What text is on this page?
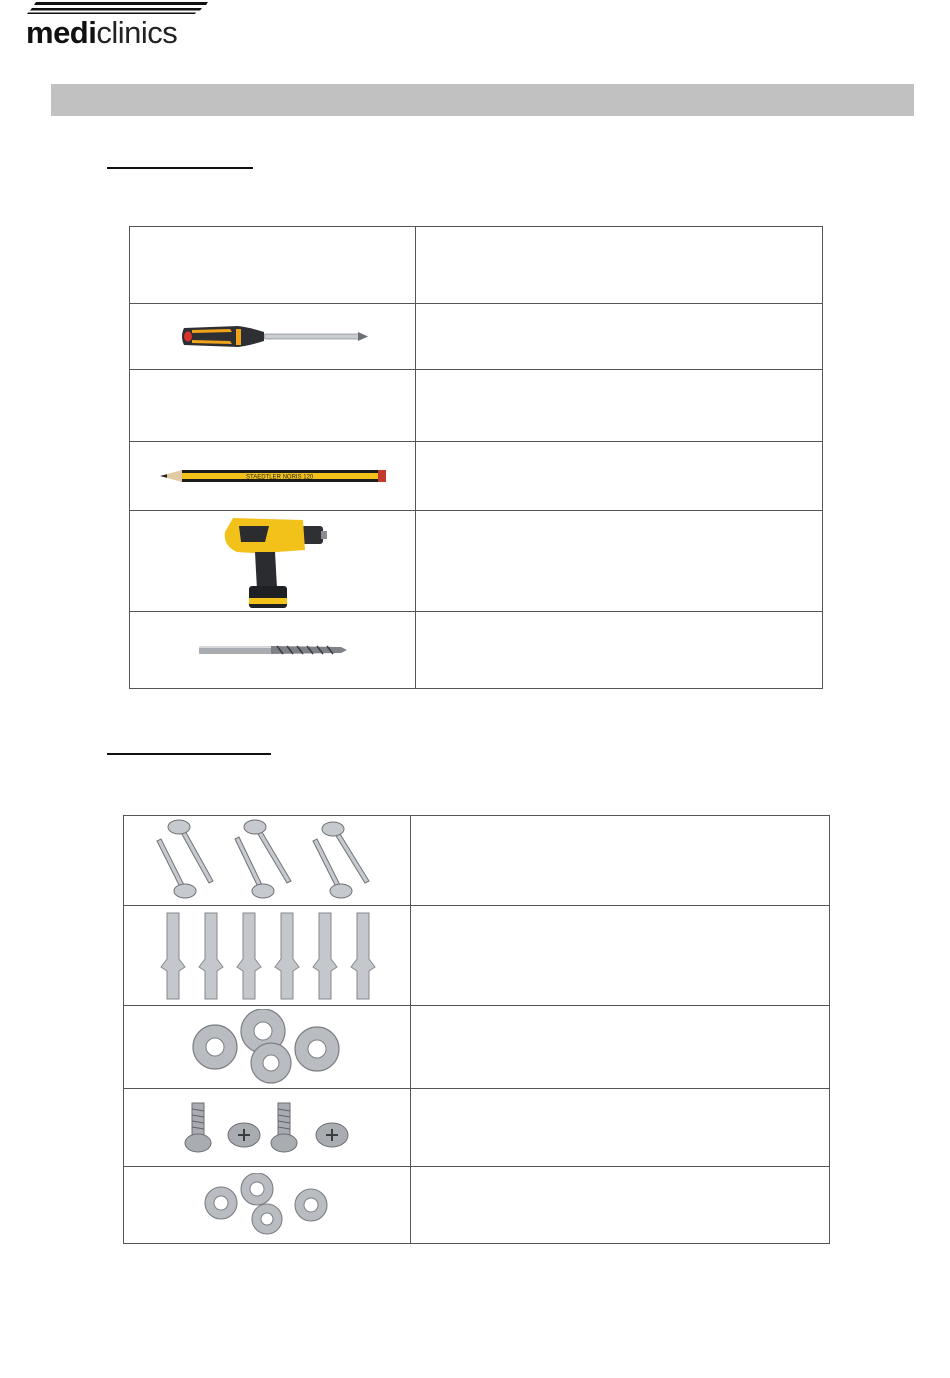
mediclinics

STAEDTLER NORIS 120	
